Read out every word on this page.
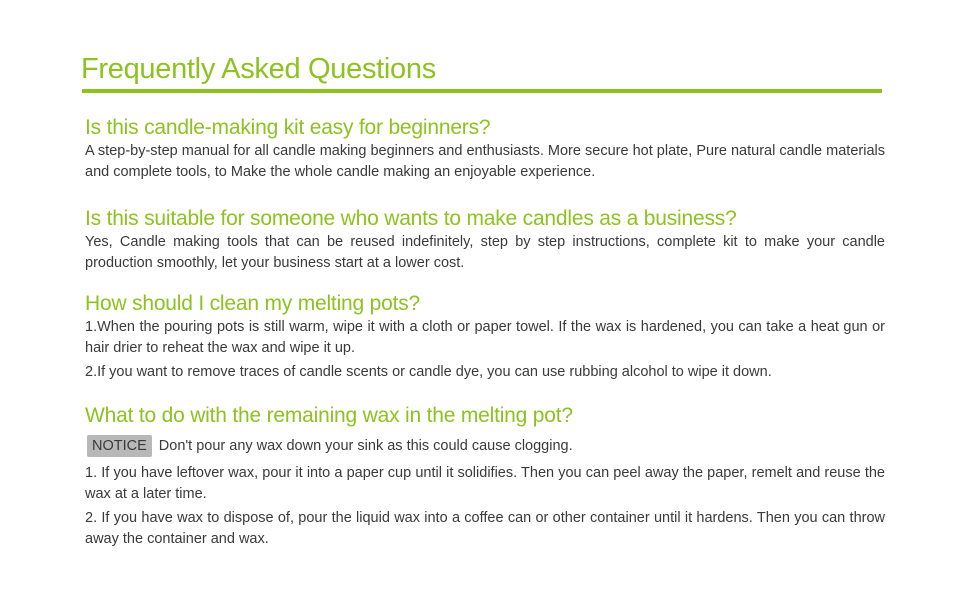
Frequently Asked Questions
Is this candle-making kit easy for beginners?

A step-by-step manual for all candle making beginners and enthusiasts. More secure hot plate, Pure natural candle materials and complete tools, to Make the whole candle making an enjoyable experience.

Is this suitable for someone who wants to make candles as a business?

Yes, Candle making tools that can be reused indefinitely, step by step instructions, complete kit to make your candle production smoothly, let your business start at a lower cost.

How should I clean my melting pots?

1.When the pouring pots is still warm, wipe it with a cloth or paper towel. If the wax is hardened, you can take a heat gun or hair drier to reheat the wax and wipe it up.

2.If you want to remove traces of candle scents or candle dye, you can use rubbing alcohol to wipe it down.

What to do with the remaining wax in the melting pot?
NOTICE Don't pour any wax down your sink as this could cause clogging.

1. If you have leftover wax, pour it into a paper cup until it solidifies. Then you can peel away the paper, remelt and reuse the wax at a later time.

2. If you have wax to dispose of, pour the liquid wax into a coffee can or other container until it hardens. Then you can throw away the container and wax.
